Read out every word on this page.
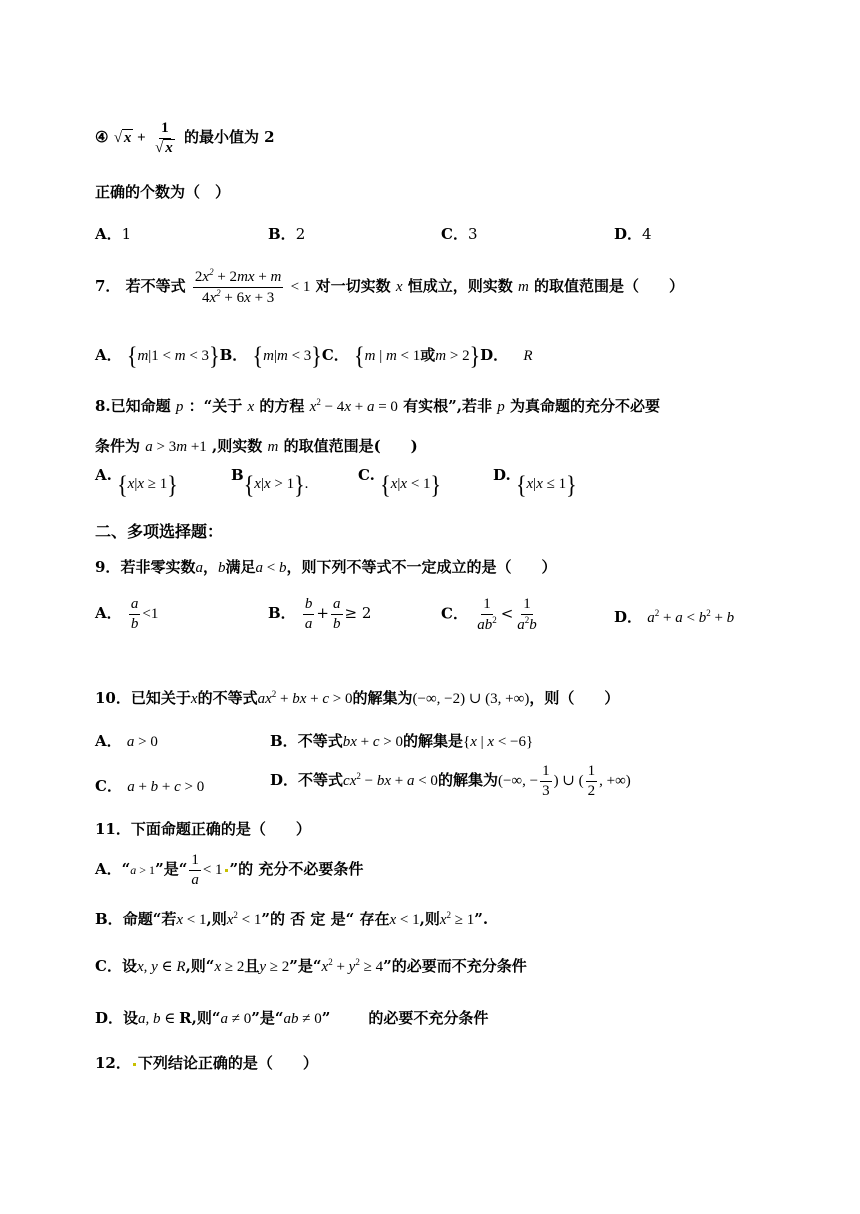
④ √ $x + \frac{1}{√ x}$ 的最小值为 2
正确的个数为（　）
A．1	B．2	C．3	D．4
7． 若不等式 $\frac{2x^2 + 2mx + m}{4x^2 + 6x + 3} < 1$ 对一切实数 x 恒成立，则实数 m 的取值范围是（　　）
A． {m|1 < m < 3}B． {m|m < 3}C． {m | m < 1或m > 2}D． R
8.已知命题 p ：“关于 x 的方程 $x^2 - 4x + a = 0$ 有实根”,若非 p 为真命题的充分不必要
条件为 a > 3m +1 ,则实数 m 的取值范围是(　　)
A. {x|x ≥ 1}	B{x|x > 1}.
C. {x|x < 1}	D. {x|x ≤ 1}
二、多项选择题：
9．若非零实数a，b满足a < b，则下列不等式不一定成立的是（　　）
A． $\frac{a}{b} <1$	B． $\frac{b}{a} + \frac{a}{b} \ge 2$	C． $\frac{1}{ab^2} < \frac{1}{a^2b}$	D． $a^2 + a < b^2 + b$
10．已知关于x的不等式$ax^2$ + bx + c > 0的解集为(−∞, −2) ∪ (3, +∞)，则（　　）
A． a > 0	B．不等式bx + c > 0的解集是{x | x < −6}
C． a + b + c > 0	D．不等式$cx^2$ − bx + a < 0的解集为(−∞, − $\frac{1}{3}$ ) ∪ ( $\frac{1}{2}$ , +∞)
11．下面命题正确的是（　　）
A．“a > 1”是“ $\frac{1}{a} < 1$ ”的 充分不必要条件
B．命题“若x < 1,则$x^2 < 1$”的 否 定 是“ 存在x < 1,则$x^2 \ge 1$”.
C．设x, y ∈ R,则“x ≥ 2且y ≥ 2”是“$x^2 + y^2 \ge 4$”的必要而不充分条件
D．设a, b ∈ R,则“a ≠ 0”是“ab ≠ 0”	的必要不充分条件
12． 下列结论正确的是（　　）
